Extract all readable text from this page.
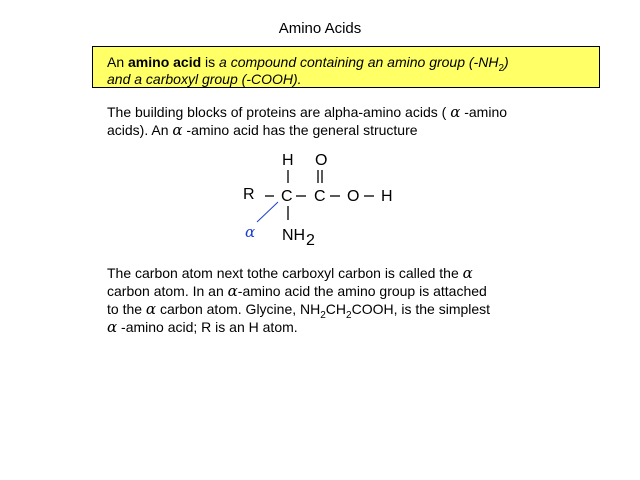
Amino Acids
An amino acid is a compound containing an amino group $(-NH_2)$
and a carboxyl group (-COOH).
The building blocks of proteins are alpha-amino acids ( α -amino
acids). An α -amino acid has the general structure
H O
R C C O H
α NH 2
The carbon atom next tothe carboxyl carbon is called the α
carbon atom. In an α-amino acid the amino group is attached
to the α carbon atom. Glycine, $NH_2CH_2COOH$, is the simplest
α -amino acid; R is an H atom.
